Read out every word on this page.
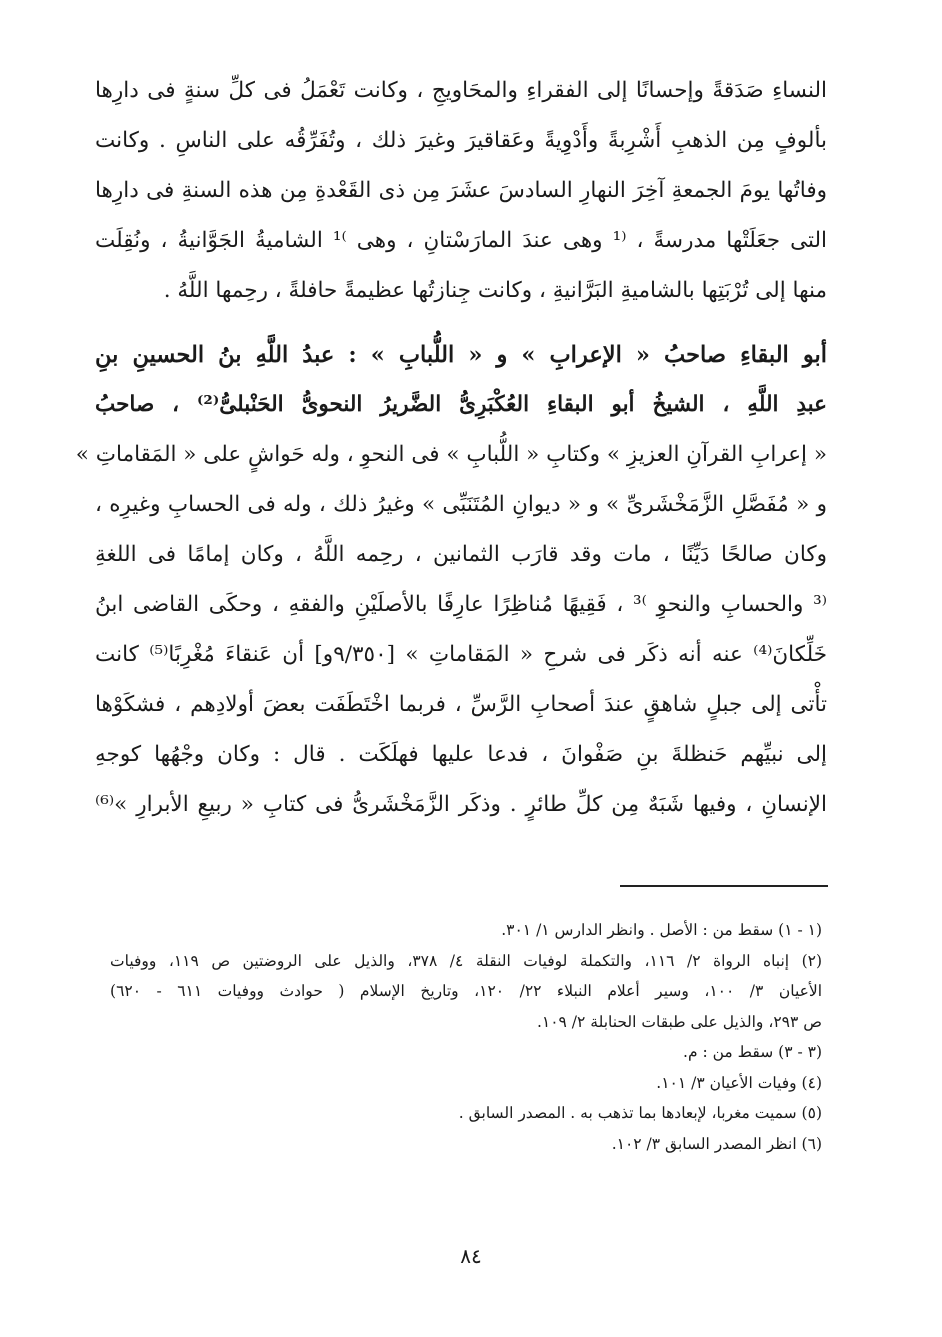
النساءِ صَدَقةً وإحسانًا إلى الفقراءِ والمحَاويجِ ، وكانت تَعْمَلُ فى كلِّ سنةٍ فى دارِها
بألوفٍ مِن الذهبِ أَشْرِبةً وأَدْوِيةً وعَقاقيرَ وغيرَ ذلك ، وتُفَرِّقُه على الناسِ . وكانت
وفاتُها يومَ الجمعةِ آخِرَ النهارِ السادسَ عشَرَ مِن ذى القَعْدةِ مِن هذه السنةِ فى دارِها
التى جعَلَتْها مدرسةً ، ⁽¹ وهى عندَ المارَسْتانِ ، وهى ⁾¹ الشاميةُ الجَوَّانيةُ ، ونُقِلَت
منها إلى تُرْبَتِها بالشاميةِ البَرَّانيةِ ، وكانت جِنازتُها عظيمةً حافلةً ، رحِمها اللَّهُ .
أبو البقاءِ صاحبُ « الإعرابِ » و « اللُّبابِ » : عبدُ اللَّهِ بنُ الحسينِ بنِ
عبدِ اللَّهِ ، الشيخُ أبو البقاءِ العُكْبَرِىُّ الضَّريرُ النحوىُّ الحَنْبلىُّ⁽²⁾ ، صاحبُ
« إعرابِ القرآنِ العزيزِ » وكتابِ « اللُّبابِ » فى النحوِ ، وله حَواشٍ على « المَقاماتِ »
و « مُفَصَّلِ الزَّمَخْشَرىِّ » و « ديوانِ المُتَنَبِّى » وغيرُ ذلك ، وله فى الحسابِ وغيرِه ،
وكان صالحًا دَيِّنًا ، مات وقد قارَب الثمانين ، رحِمه اللَّهُ ، وكان إمامًا فى اللغةِ
⁽³ والحسابِ والنحوِ ⁾³ ، فَقِيهًا مُناظِرًا عارِفًا بالأصلَيْنِ والفقهِ ، وحكَى القاضى ابنُ
خَلِّكانَ⁽⁴⁾ عنه أنه ذكَر فى شرحِ « المَقاماتِ » [٩/٣٥٠و] أن عَنقاءَ مُغْرِبًا⁽⁵⁾ كانت
تأْتى إلى جبلٍ شاهقٍ عندَ أصحابِ الرَّسِّ ، فربما اخْتَطَفَت بعضَ أولادِهم ، فشكَوْها
إلى نبيِّهم حَنظلةَ بنِ صَفْوانَ ، فدعا عليها فهلَكَت . قال : وكان وجْهُها كوجهِ
الإنسانِ ، وفيها شَبَهٌ مِن كلِّ طائرٍ . وذكَر الزَّمَخْشَرىُّ فى كتابِ « ربيعِ الأبرارِ »⁽⁶⁾
(١ - ١) سقط من : الأصل . وانظر الدارس ١/ ٣٠١.
(٢) إنباه الرواة ٢/ ١١٦، والتكملة لوفيات النقلة ٤/ ٣٧٨، والذيل على الروضتين ص ١١٩، ووفيات
الأعيان ٣/ ١٠٠، وسير أعلام النبلاء ٢٢/ ١٢٠، وتاريخ الإسلام ( حوادث ووفيات ٦١١ - ٦٢٠)
ص ٢٩٣، والذيل على طبقات الحنابلة ٢/ ١٠٩.
(٣ - ٣) سقط من : م.
(٤) وفيات الأعيان ٣/ ١٠١.
(٥) سميت مغربا، لإبعادها بما تذهب به . المصدر السابق .
(٦) انظر المصدر السابق ٣/ ١٠٢.
٨٤
